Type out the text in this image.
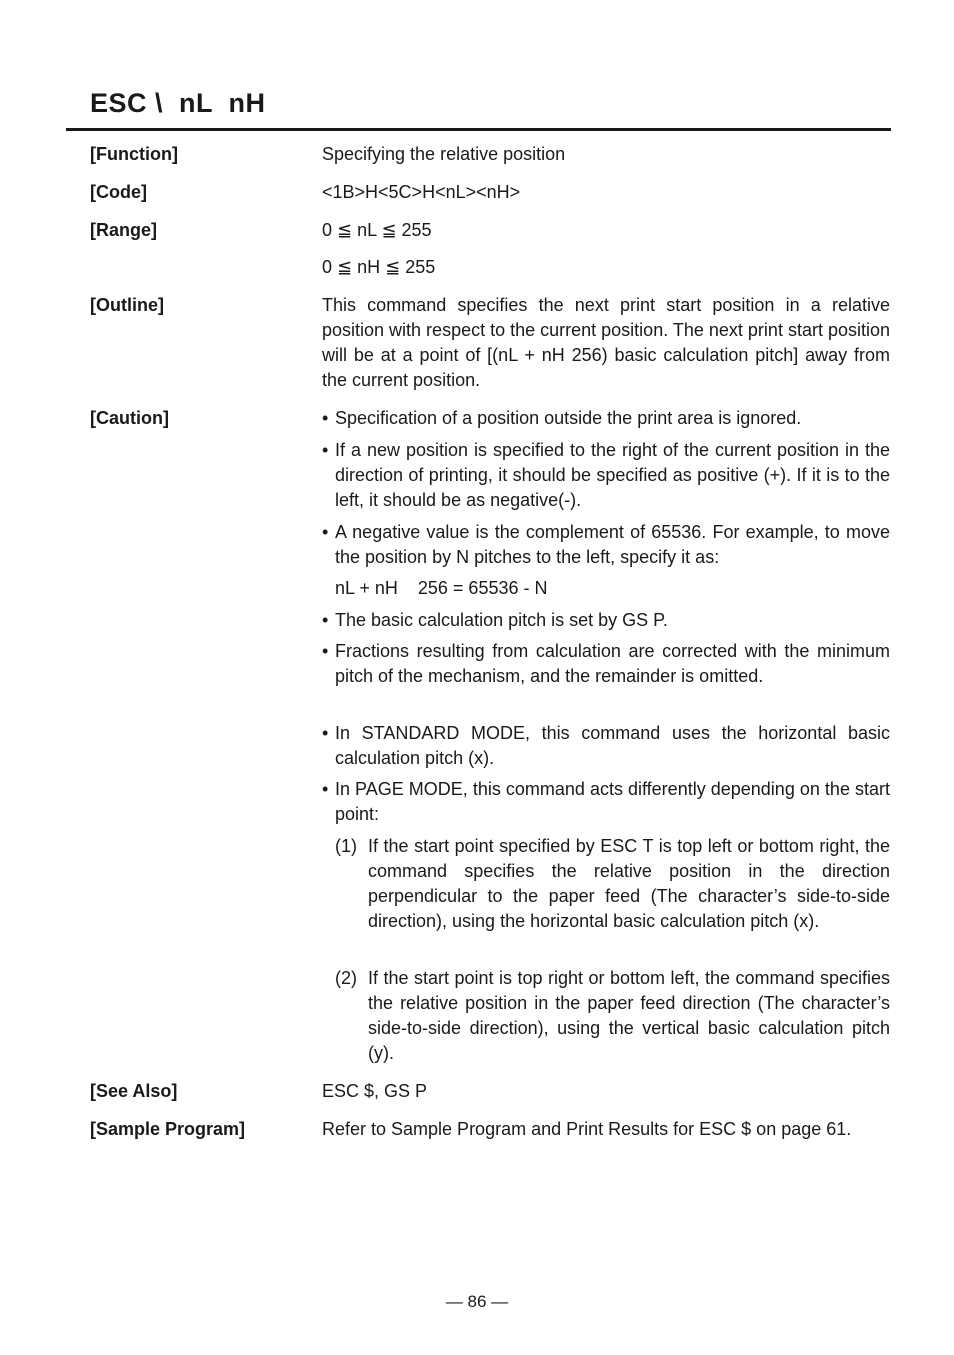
ESC \  nL  nH
[Function]	Specifying the relative position
[Code]	<1B>H<5C>H<nL><nH>
[Range]	0 ≦ nL ≦ 255
0 ≦ nH ≦ 255
[Outline]	This command specifies the next print start position in a relative position with respect to the current position. The next print start position will be at a point of [(nL + nH 256) basic calculation pitch] away from the current position.
[Caution]	• Specification of a position outside the print area is ignored.
• If a new position is specified to the right of the current position in the direction of printing, it should be specified as positive (+). If it is to the left, it should be as negative(-).
• A negative value is the complement of 65536. For example, to move the position by N pitches to the left, specify it as:
nL + nH    256 = 65536 - N
• The basic calculation pitch is set by GS P.
• Fractions resulting from calculation are corrected with the minimum pitch of the mechanism, and the remainder is omitted.
• In STANDARD MODE, this command uses the horizontal basic calculation pitch (x).
• In PAGE MODE, this command acts differently depending on the start point:
(1) If the start point specified by ESC T is top left or bottom right, the command specifies the relative position in the direction perpendicular to the paper feed (The character’s side-to-side direction), using the horizontal basic calculation pitch (x).
(2) If the start point is top right or bottom left, the command specifies the relative position in the paper feed direction (The character’s side-to-side direction), using the vertical basic calculation pitch (y).
[See Also]	ESC $, GS P
[Sample Program]	Refer to Sample Program and Print Results for ESC $ on page 61.
— 86 —
